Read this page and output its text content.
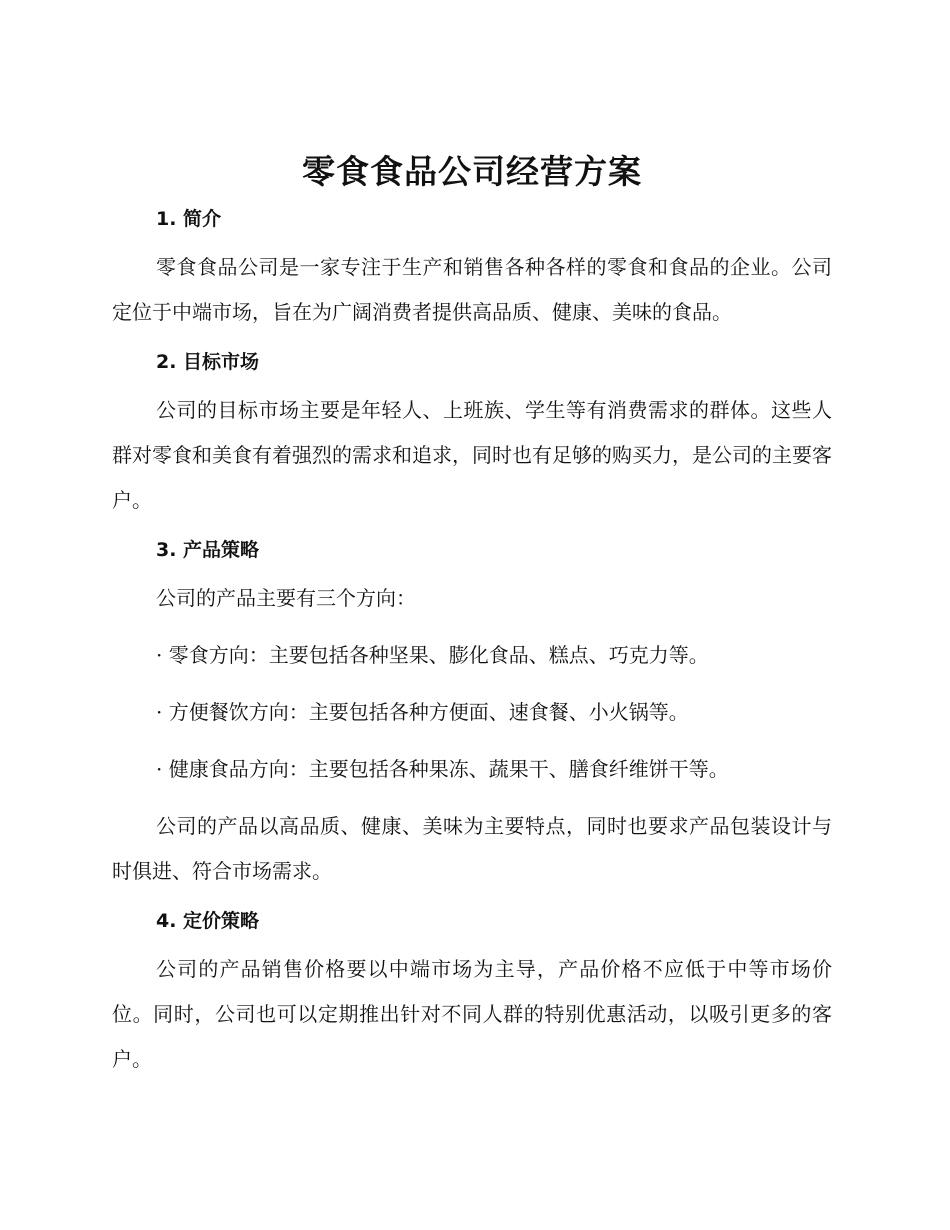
零食食品公司经营方案
1. 简介

零食食品公司是一家专注于生产和销售各种各样的零食和食品的企业。公司定位于中端市场，旨在为广阔消费者提供高品质、健康、美味的食品。

2. 目标市场

公司的目标市场主要是年轻人、上班族、学生等有消费需求的群体。这些人群对零食和美食有着强烈的需求和追求，同时也有足够的购买力，是公司的主要客户。

3. 产品策略

公司的产品主要有三个方向：

· 零食方向：主要包括各种坚果、膨化食品、糕点、巧克力等。

· 方便餐饮方向：主要包括各种方便面、速食餐、小火锅等。

· 健康食品方向：主要包括各种果冻、蔬果干、膳食纤维饼干等。

公司的产品以高品质、健康、美味为主要特点，同时也要求产品包装设计与时俱进、符合市场需求。

4. 定价策略

公司的产品销售价格要以中端市场为主导，产品价格不应低于中等市场价位。同时，公司也可以定期推出针对不同人群的特别优惠活动，以吸引更多的客户。
